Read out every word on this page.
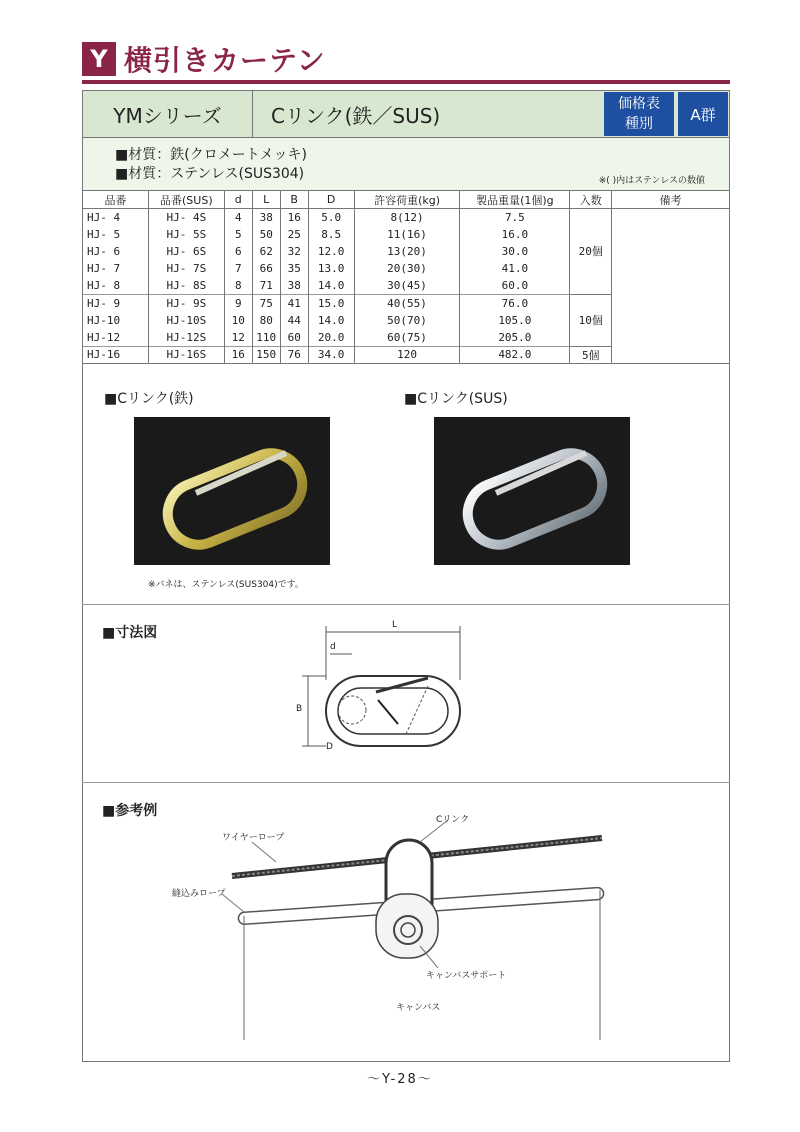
Y 横引きカーテン
YMシリーズ	Cリンク(鉄／SUS)	価格表
種別
A群
■材質：鉄(クロメートメッキ)
■材質：ステンレス(SUS304)	※( )内はステンレスの数値
品番	品番(SUS)	d	L	B	D	許容荷重(kg)	製品重量(1個)g	入数	備考
HJ- 4	HJ- 4S	4	38	16	5.0	8(12)	7.5	20個	
HJ- 5	HJ- 5S	5	50	25	8.5	11(16)	16.0		
HJ- 6	HJ- 6S	6	62	32	12.0	13(20)	30.0		
HJ- 7	HJ- 7S	7	66	35	13.0	20(30)	41.0		
HJ- 8	HJ- 8S	8	71	38	14.0	30(45)	60.0		
HJ- 9	HJ- 9S	9	75	41	15.0	40(55)	76.0	10個	
HJ-10	HJ-10S	10	80	44	14.0	50(70)	105.0		
HJ-12	HJ-12S	12	110	60	20.0	60(75)	205.0		
HJ-16	HJ-16S	16	150	76	34.0	120	482.0	5個	
■Cリンク(鉄)	■Cリンク(SUS)
※バネは、ステンレス(SUS304)です。
■寸法図	L
d
B
D
■参考例
ワイヤーロープ
Cリンク
縫込みロープ
キャンバスサポート
キャンバス
～Y-28～
